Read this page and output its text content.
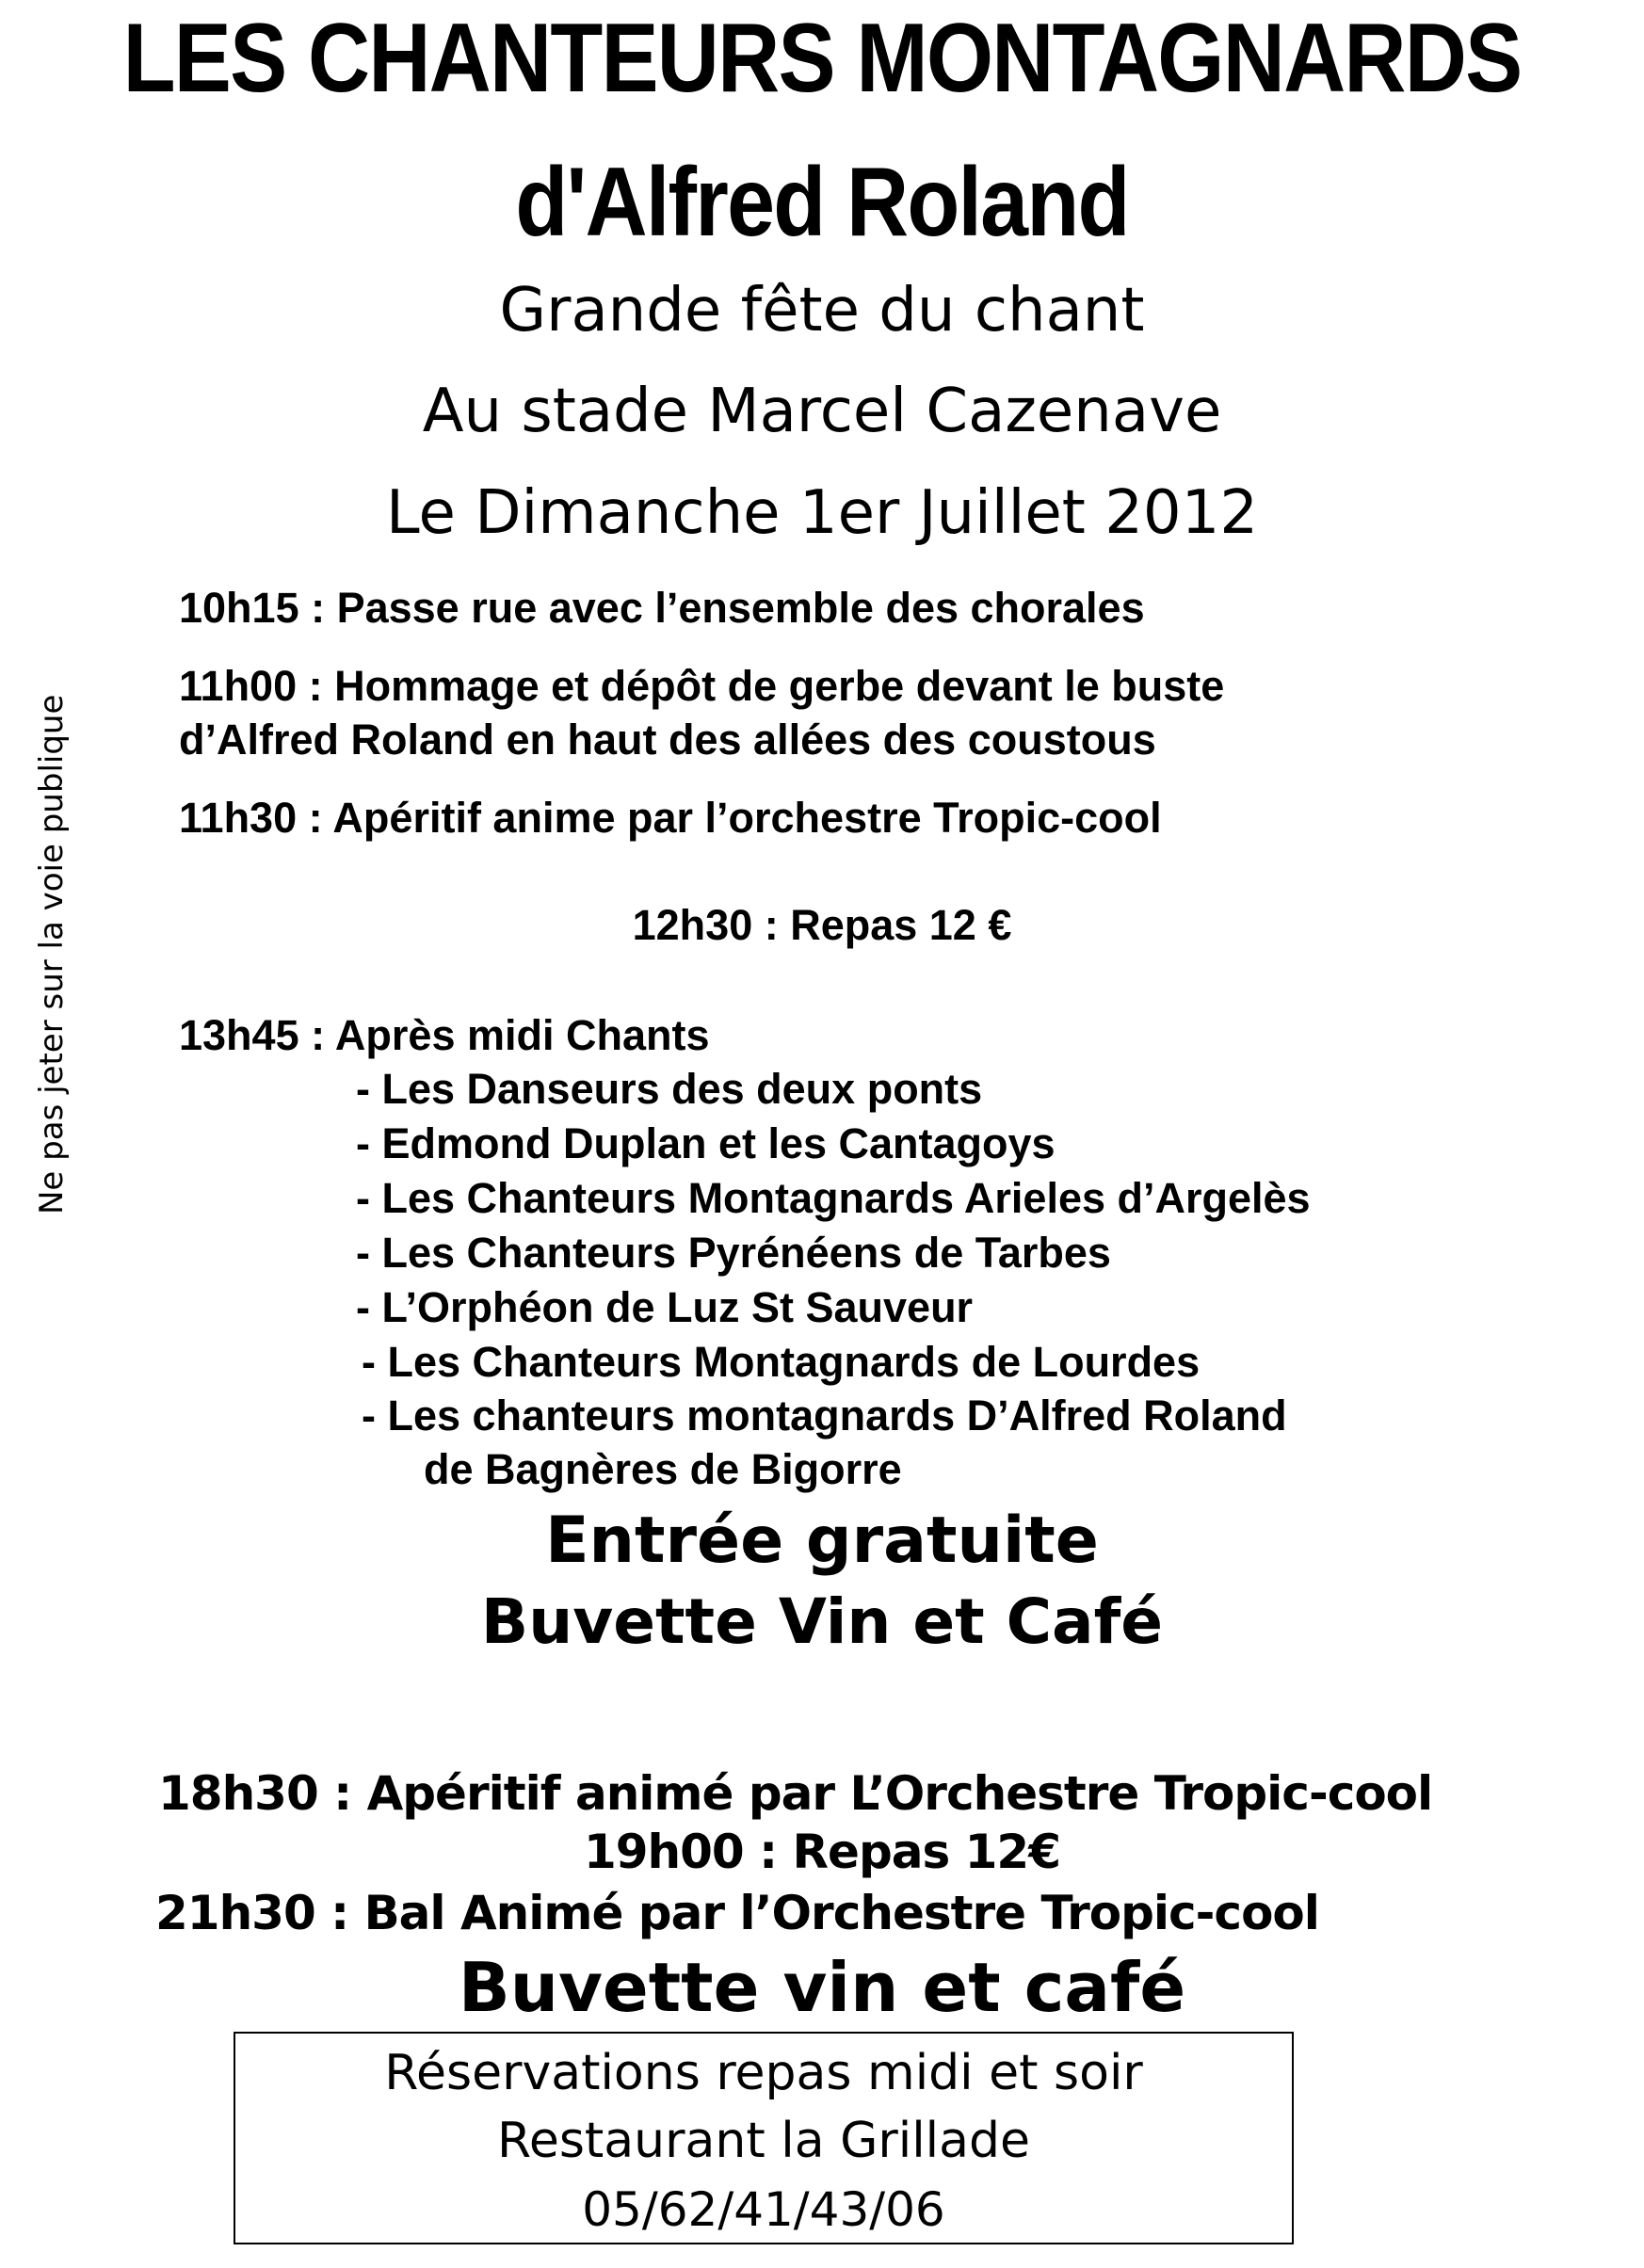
LES CHANTEURS MONTAGNARDS
d'Alfred Roland
Grande fête du chant
Au stade Marcel Cazenave
Le Dimanche 1er Juillet 2012
Ne pas jeter sur la voie publique
10h15 : Passe rue avec l’ensemble des chorales
11h00 : Hommage et dépôt de gerbe devant le buste
d’Alfred Roland en haut des allées des coustous
11h30 : Apéritif anime par l’orchestre Tropic-cool
12h30 : Repas 12 €
13h45 : Après midi Chants
- Les Danseurs des deux ponts
- Edmond Duplan et les Cantagoys
- Les Chanteurs Montagnards Arieles d’Argelès
- Les Chanteurs Pyrénéens de Tarbes
- L’Orphéon de Luz St Sauveur
- Les Chanteurs Montagnards de Lourdes
- Les chanteurs montagnards D’Alfred Roland
de Bagnères de Bigorre
Entrée gratuite
Buvette Vin et Café
18h30 : Apéritif animé par L’Orchestre Tropic-cool
19h00 : Repas 12€
21h30 : Bal Animé par l’Orchestre Tropic-cool
Buvette vin et café
Réservations repas midi et soir
Restaurant la Grillade
05/62/41/43/06
